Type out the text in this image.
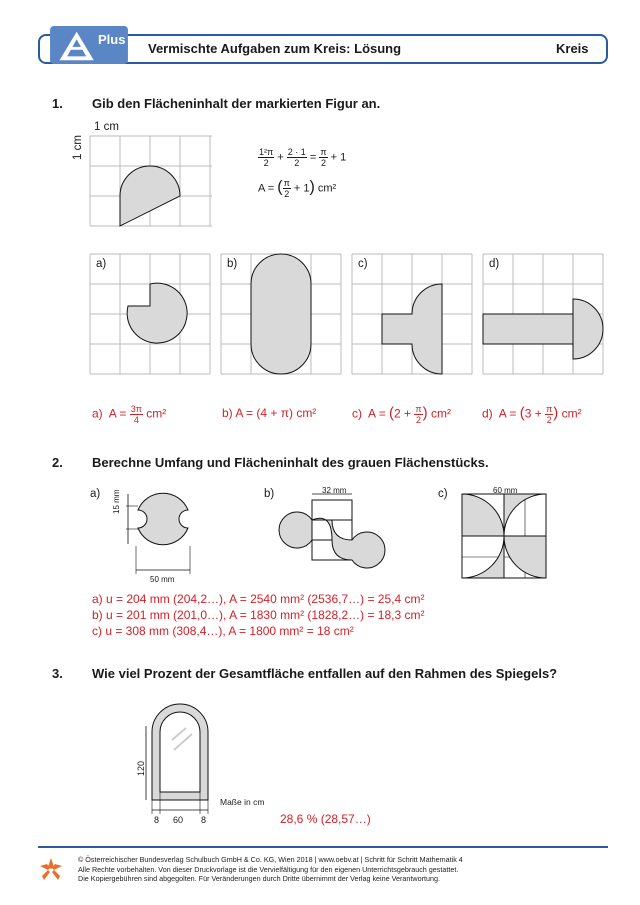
Plus
Vermischte Aufgaben zum Kreis: Lösung	Kreis
1. Gib den Flächeninhalt der markierten Figur an.
1 cm
1 cm	$\frac{\text{1²π}}{2} + \frac{2 \cdot 1}{2} = \frac{\pi}{2} + 1$
A = ( $\frac{\pi}{2} + 1$) cm²
a)	b)	c)	d)
a) $A = \frac{3\pi}{4} cm^2$	b) A = (4 + π) cm²	c) $A = (2 + \frac{\pi}{2}$ ) cm²	d) $A = (3 + \frac{\pi}{2}$ ) cm²
2. Berechne Umfang und Flächeninhalt des grauen Flächenstücks.
a)	b)	c)
15 mm
50 mm
32 mm	60 mm
a) u = 204 mm (204,2…), A = 2540 mm² (2536,7…) = 25,4 cm²
b) u = 201 mm (201,0…), A = 1830 mm² (1828,2…) = 18,3 cm²
c) u = 308 mm (308,4…), A = 1800 mm² = 18 cm²
3. Wie viel Prozent der Gesamtfläche entfallen auf den Rahmen des Spiegels?
120
8 60 8
Maße in cm
28,6 % (28,57…)
© Österreichischer Bundesverlag Schulbuch GmbH & Co. KG, Wien 2018 | www.oebv.at | Schritt für Schritt Mathematik 4
Alle Rechte vorbehalten. Von dieser Druckvorlage ist die Vervielfältigung für den eigenen Unterrichtsgebrauch gestattet.
Die Kopiergebühren sind abgegolten. Für Veränderungen durch Dritte übernimmt der Verlag keine Verantwortung.
